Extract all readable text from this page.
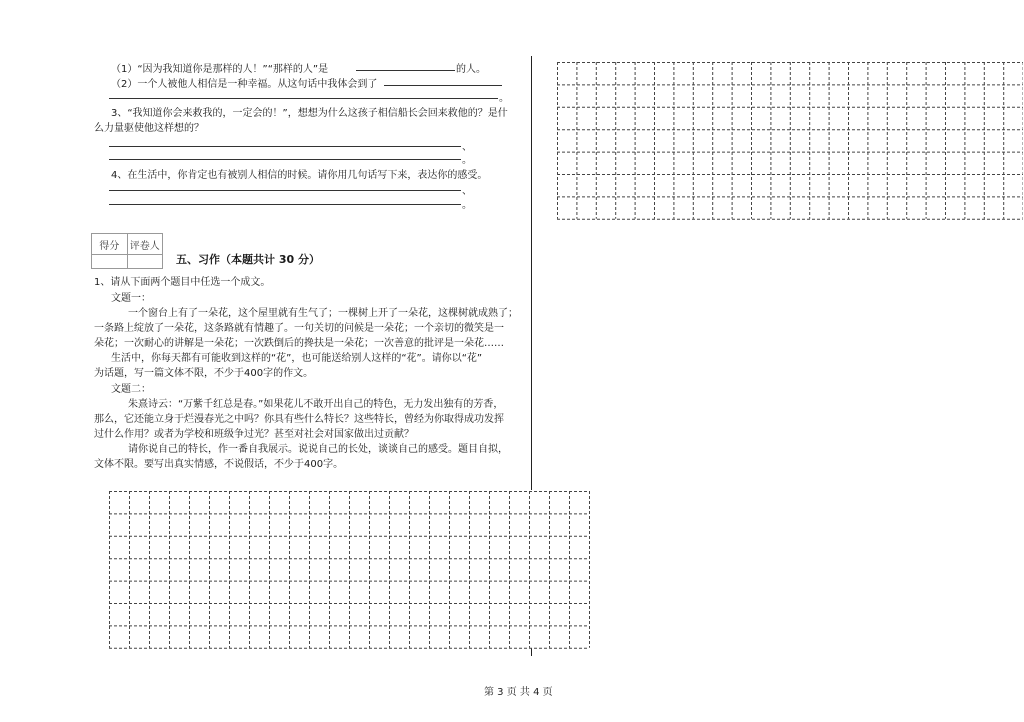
（1）“因为我知道你是那样的人！”“那样的人”是	的人。
（2）一个人被他人相信是一种幸福。从这句话中我体会到了
。
3、“我知道你会来救我的，一定会的！”，想想为什么这孩子相信船长会回来救他的？是什
么力量驱使他这样想的？
、
。
4、在生活中，你肯定也有被别人相信的时候。请你用几句话写下来，表达你的感受。
、
。
得分	评卷人
五、习作（本题共计 30 分）
1、请从下面两个题目中任选一个成文。
文题一：
一个窗台上有了一朵花，这个屋里就有生气了；一棵树上开了一朵花，这棵树就成熟了；
一条路上绽放了一朵花，这条路就有情趣了。一句关切的问候是一朵花；一个亲切的微笑是一
朵花；一次耐心的讲解是一朵花；一次跌倒后的搀扶是一朵花；一次善意的批评是一朵花……
生活中，你每天都有可能收到这样的“花”，也可能送给别人这样的“花”。请你以“花”
为话题，写一篇文体不限，不少于400字的作文。
文题二：
朱熹诗云：“万紫千红总是春。”如果花儿不敢开出自己的特色，无力发出独有的芳香，
那么，它还能立身于烂漫春光之中吗？你具有些什么特长？这些特长，曾经为你取得成功发挥
过什么作用？或者为学校和班级争过光？甚至对社会对国家做出过贡献？
请你说自己的特长，作一番自我展示。说说自己的长处，谈谈自己的感受。题目自拟，
文体不限。要写出真实情感，不说假话，不少于400字。
第 3 页 共 4 页
